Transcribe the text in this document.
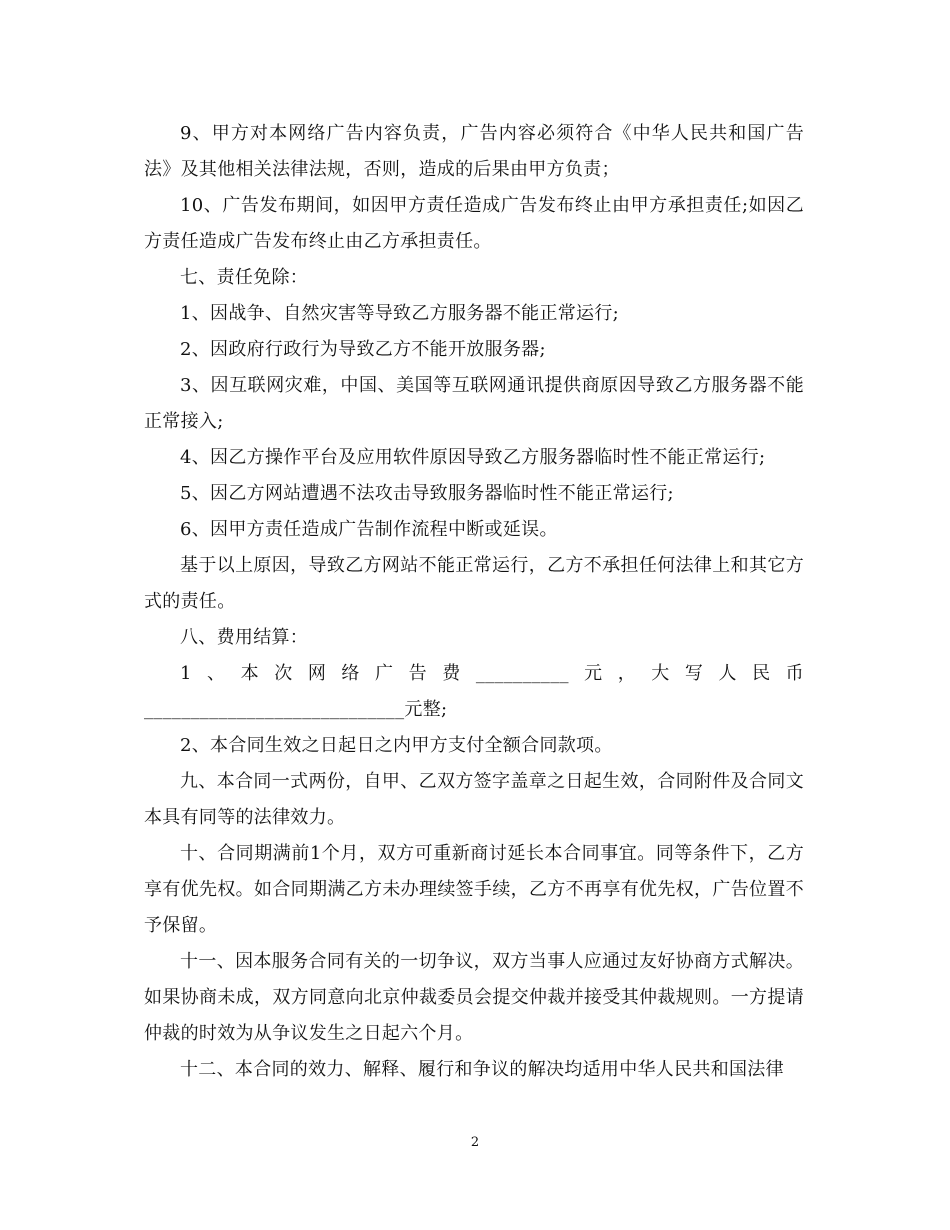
9、甲方对本网络广告内容负责，广告内容必须符合《中华人民共和国广告法》及其他相关法律法规，否则，造成的后果由甲方负责；

10、广告发布期间，如因甲方责任造成广告发布终止由甲方承担责任;如因乙方责任造成广告发布终止由乙方承担责任。

七、责任免除：

1、因战争、自然灾害等导致乙方服务器不能正常运行;

2、因政府行政行为导致乙方不能开放服务器;

3、因互联网灾难，中国、美国等互联网通讯提供商原因导致乙方服务器不能正常接入;

4、因乙方操作平台及应用软件原因导致乙方服务器临时性不能正常运行;

5、因乙方网站遭遇不法攻击导致服务器临时性不能正常运行;

6、因甲方责任造成广告制作流程中断或延误。

基于以上原因，导致乙方网站不能正常运行，乙方不承担任何法律上和其它方式的责任。

八、费用结算：

1、本次网络广告费__________元，大写人民币____________________________元整;

2、本合同生效之日起日之内甲方支付全额合同款项。

九、本合同一式两份，自甲、乙双方签字盖章之日起生效，合同附件及合同文本具有同等的法律效力。

十、合同期满前1个月，双方可重新商讨延长本合同事宜。同等条件下，乙方享有优先权。如合同期满乙方未办理续签手续，乙方不再享有优先权，广告位置不予保留。

十一、因本服务合同有关的一切争议，双方当事人应通过友好协商方式解决。如果协商未成，双方同意向北京仲裁委员会提交仲裁并接受其仲裁规则。一方提请仲裁的时效为从争议发生之日起六个月。

十二、本合同的效力、解释、履行和争议的解决均适用中华人民共和国法律

2
